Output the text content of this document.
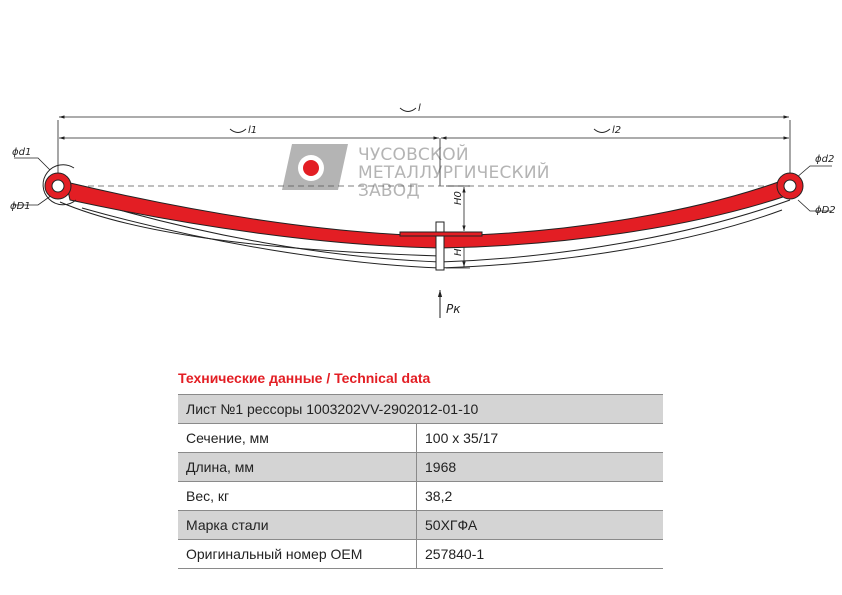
ЧУСОВСКОЙ
МЕТАЛЛУРГИЧЕСКИЙ
ЗАВОД
l
l1	l2
ϕd1
ϕD1
ϕd2
ϕD2
H0
H
Pк
Технические данные / Technical data
Лист №1 рессоры 1003202VV-2902012-01-10	
Сечение, мм	100 х 35/17
Длина, мм	1968
Вес, кг	38,2
Марка стали	50ХГФА
Оригинальный номер OEM	257840-1
